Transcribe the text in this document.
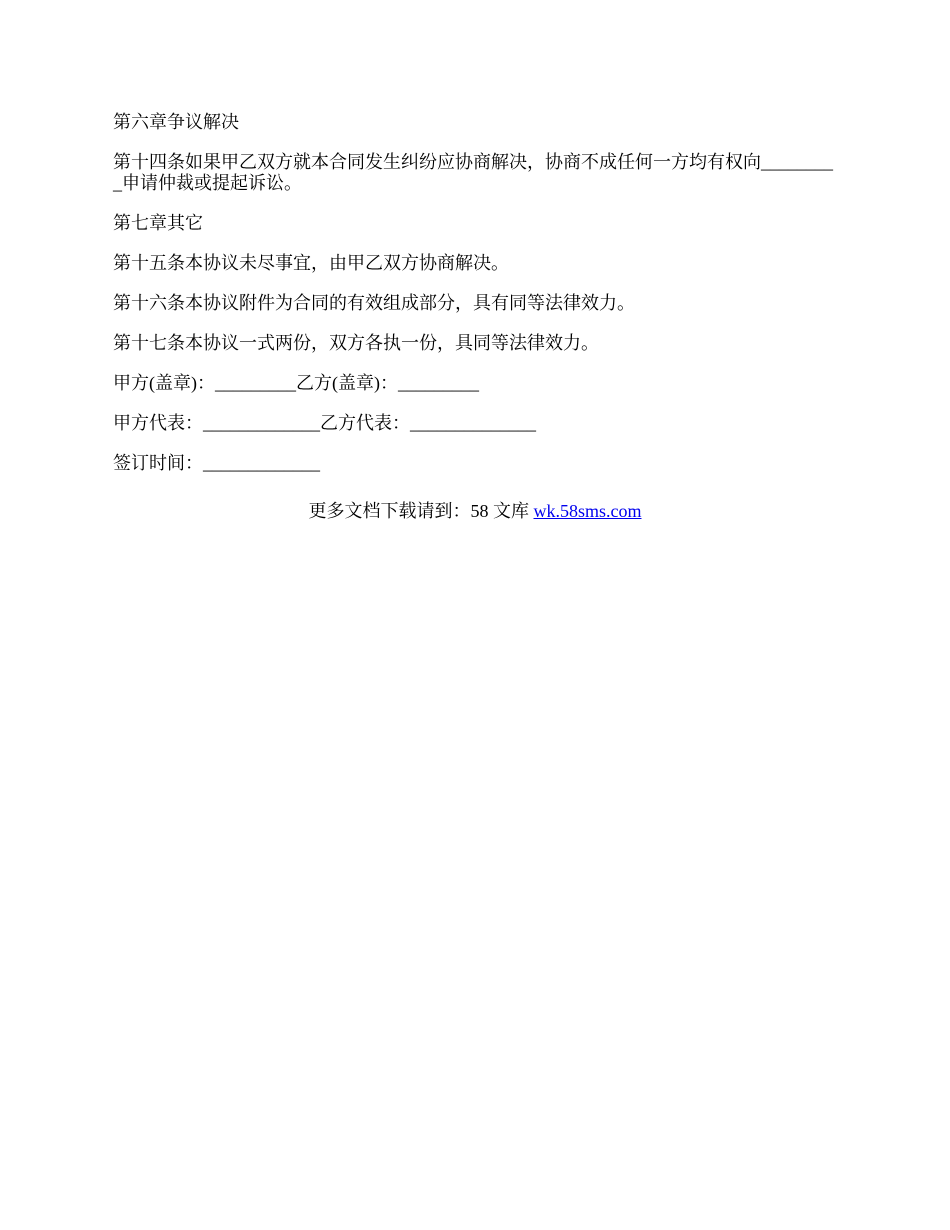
第六章争议解决

第十四条如果甲乙双方就本合同发生纠纷应协商解决，协商不成任何一方均有权向_________申请仲裁或提起诉讼。

第七章其它

第十五条本协议未尽事宜，由甲乙双方协商解决。

第十六条本协议附件为合同的有效组成部分，具有同等法律效力。

第十七条本协议一式两份，双方各执一份，具同等法律效力。

甲方(盖章)：_________乙方(盖章)：_________

甲方代表：_____________乙方代表：______________

签订时间：_____________

更多文档下载请到：58 文库 wk.58sms.com
